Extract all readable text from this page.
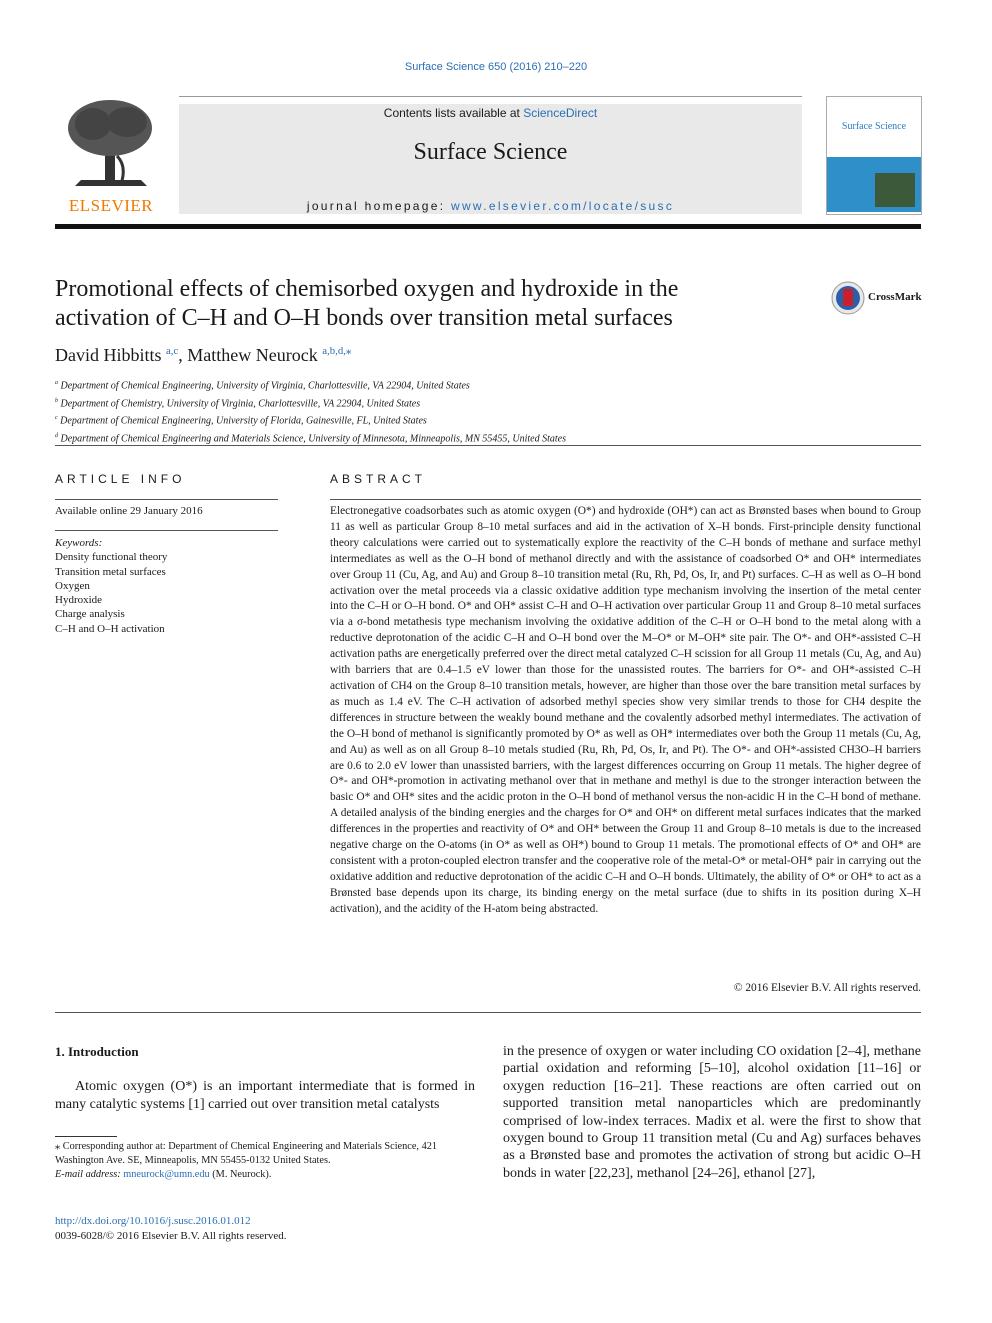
Surface Science 650 (2016) 210–220
ELSEVIER
Contents lists available at ScienceDirect
Surface Science
journal homepage: www.elsevier.com/locate/susc
Surface Science
Promotional effects of chemisorbed oxygen and hydroxide in the activation of C–H and O–H bonds over transition metal surfaces
CrossMark
David Hibbitts $^{a,c}$, Matthew Neurock $^{a,b,d,⁎}$
$^a$ Department of Chemical Engineering, University of Virginia, Charlottesville, VA 22904, United States
$^b$ Department of Chemistry, University of Virginia, Charlottesville, VA 22904, United States
$^c$ Department of Chemical Engineering, University of Florida, Gainesville, FL, United States
$^d$ Department of Chemical Engineering and Materials Science, University of Minnesota, Minneapolis, MN 55455, United States
ARTICLE INFO
Available online 29 January 2016
Keywords:
Density functional theory
Transition metal surfaces
Oxygen
Hydroxide
Charge analysis
C–H and O–H activation
ABSTRACT
Electronegative coadsorbates such as atomic oxygen (O*) and hydroxide (OH*) can act as Brønsted bases when bound to Group 11 as well as particular Group 8–10 metal surfaces and aid in the activation of X–H bonds. First-principle density functional theory calculations were carried out to systematically explore the reactivity of the C–H bonds of methane and surface methyl intermediates as well as the O–H bond of methanol directly and with the assistance of coadsorbed O* and OH* intermediates over Group 11 (Cu, Ag, and Au) and Group 8–10 transition metal (Ru, Rh, Pd, Os, Ir, and Pt) surfaces. C–H as well as O–H bond activation over the metal proceeds via a classic oxidative addition type mechanism involving the insertion of the metal center into the C–H or O–H bond. O* and OH* assist C–H and O–H activation over particular Group 11 and Group 8–10 metal surfaces via a σ-bond metathesis type mechanism involving the oxidative addition of the C–H or O–H bond to the metal along with a reductive deprotonation of the acidic C–H and O–H bond over the M–O* or M–OH* site pair. The O*- and OH*-assisted C–H activation paths are energetically preferred over the direct metal catalyzed C–H scission for all Group 11 metals (Cu, Ag, and Au) with barriers that are 0.4–1.5 eV lower than those for the unassisted routes. The barriers for O*- and OH*-assisted C–H activation of CH4 on the Group 8–10 transition metals, however, are higher than those over the bare transition metal surfaces by as much as 1.4 eV. The C–H activation of adsorbed methyl species show very similar trends to those for CH4 despite the differences in structure between the weakly bound methane and the covalently adsorbed methyl intermediates. The activation of the O–H bond of methanol is significantly promoted by O* as well as OH* intermediates over both the Group 11 metals (Cu, Ag, and Au) as well as on all Group 8–10 metals studied (Ru, Rh, Pd, Os, Ir, and Pt). The O*- and OH*-assisted CH3O–H barriers are 0.6 to 2.0 eV lower than unassisted barriers, with the largest differences occurring on Group 11 metals. The higher degree of O*- and OH*-promotion in activating methanol over that in methane and methyl is due to the stronger interaction between the basic O* and OH* sites and the acidic proton in the O–H bond of methanol versus the non-acidic H in the C–H bond of methane. A detailed analysis of the binding energies and the charges for O* and OH* on different metal surfaces indicates that the marked differences in the properties and reactivity of O* and OH* between the Group 11 and Group 8–10 metals is due to the increased negative charge on the O-atoms (in O* as well as OH*) bound to Group 11 metals. The promotional effects of O* and OH* are consistent with a proton-coupled electron transfer and the cooperative role of the metal-O* or metal-OH* pair in carrying out the oxidative addition and reductive deprotonation of the acidic C–H and O–H bonds. Ultimately, the ability of O* or OH* to act as a Brønsted base depends upon its charge, its binding energy on the metal surface (due to shifts in its position during X–H activation), and the acidity of the H-atom being abstracted.
© 2016 Elsevier B.V. All rights reserved.
1. Introduction
Atomic oxygen (O*) is an important intermediate that is formed in many catalytic systems [1] carried out over transition metal catalysts
in the presence of oxygen or water including CO oxidation [2–4], methane partial oxidation and reforming [5–10], alcohol oxidation [11–16] or oxygen reduction [16–21]. These reactions are often carried out on supported transition metal nanoparticles which are predominantly comprised of low-index terraces. Madix et al. were the first to show that oxygen bound to Group 11 transition metal (Cu and Ag) surfaces behaves as a Brønsted base and promotes the activation of strong but acidic O–H bonds in water [22,23], methanol [24–26], ethanol [27],
⁎ Corresponding author at: Department of Chemical Engineering and Materials Science, 421 Washington Ave. SE, Minneapolis, MN 55455-0132 United States.
E-mail address: mneurock@umn.edu (M. Neurock).
http://dx.doi.org/10.1016/j.susc.2016.01.012
0039-6028/© 2016 Elsevier B.V. All rights reserved.
